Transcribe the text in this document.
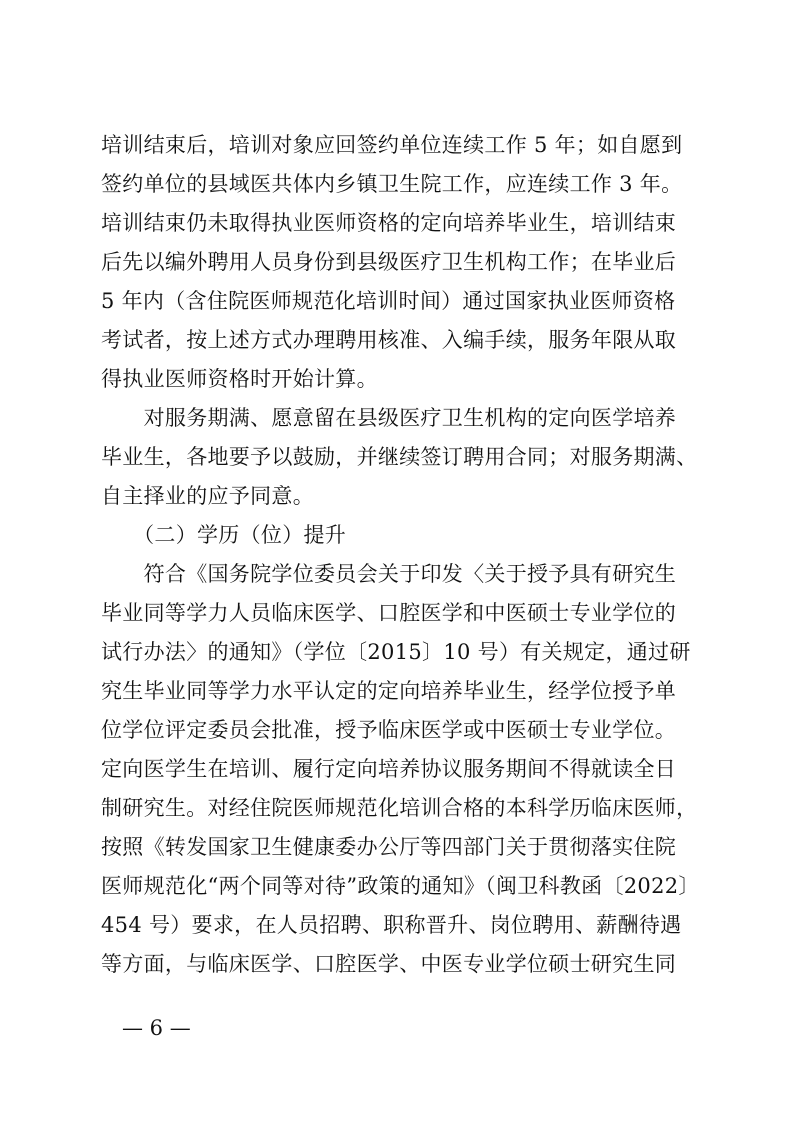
培训结束后，培训对象应回签约单位连续工作 5 年；如自愿到
签约单位的县域医共体内乡镇卫生院工作，应连续工作 3 年。
培训结束仍未取得执业医师资格的定向培养毕业生，培训结束
后先以编外聘用人员身份到县级医疗卫生机构工作；在毕业后
5 年内（含住院医师规范化培训时间）通过国家执业医师资格
考试者，按上述方式办理聘用核准、入编手续，服务年限从取
得执业医师资格时开始计算。
　　对服务期满、愿意留在县级医疗卫生机构的定向医学培养
毕业生，各地要予以鼓励，并继续签订聘用合同；对服务期满、
自主择业的应予同意。
　　（二）学历（位）提升
　　符合《国务院学位委员会关于印发〈关于授予具有研究生
毕业同等学力人员临床医学、口腔医学和中医硕士专业学位的
试行办法〉的通知》（学位〔2015〕10 号）有关规定，通过研
究生毕业同等学力水平认定的定向培养毕业生，经学位授予单
位学位评定委员会批准，授予临床医学或中医硕士专业学位。
定向医学生在培训、履行定向培养协议服务期间不得就读全日
制研究生。对经住院医师规范化培训合格的本科学历临床医师，
按照《转发国家卫生健康委办公厅等四部门关于贯彻落实住院
医师规范化“两个同等对待”政策的通知》（闽卫科教函〔2022〕
454 号）要求，在人员招聘、职称晋升、岗位聘用、薪酬待遇
等方面，与临床医学、口腔医学、中医专业学位硕士研究生同
— 6 —
